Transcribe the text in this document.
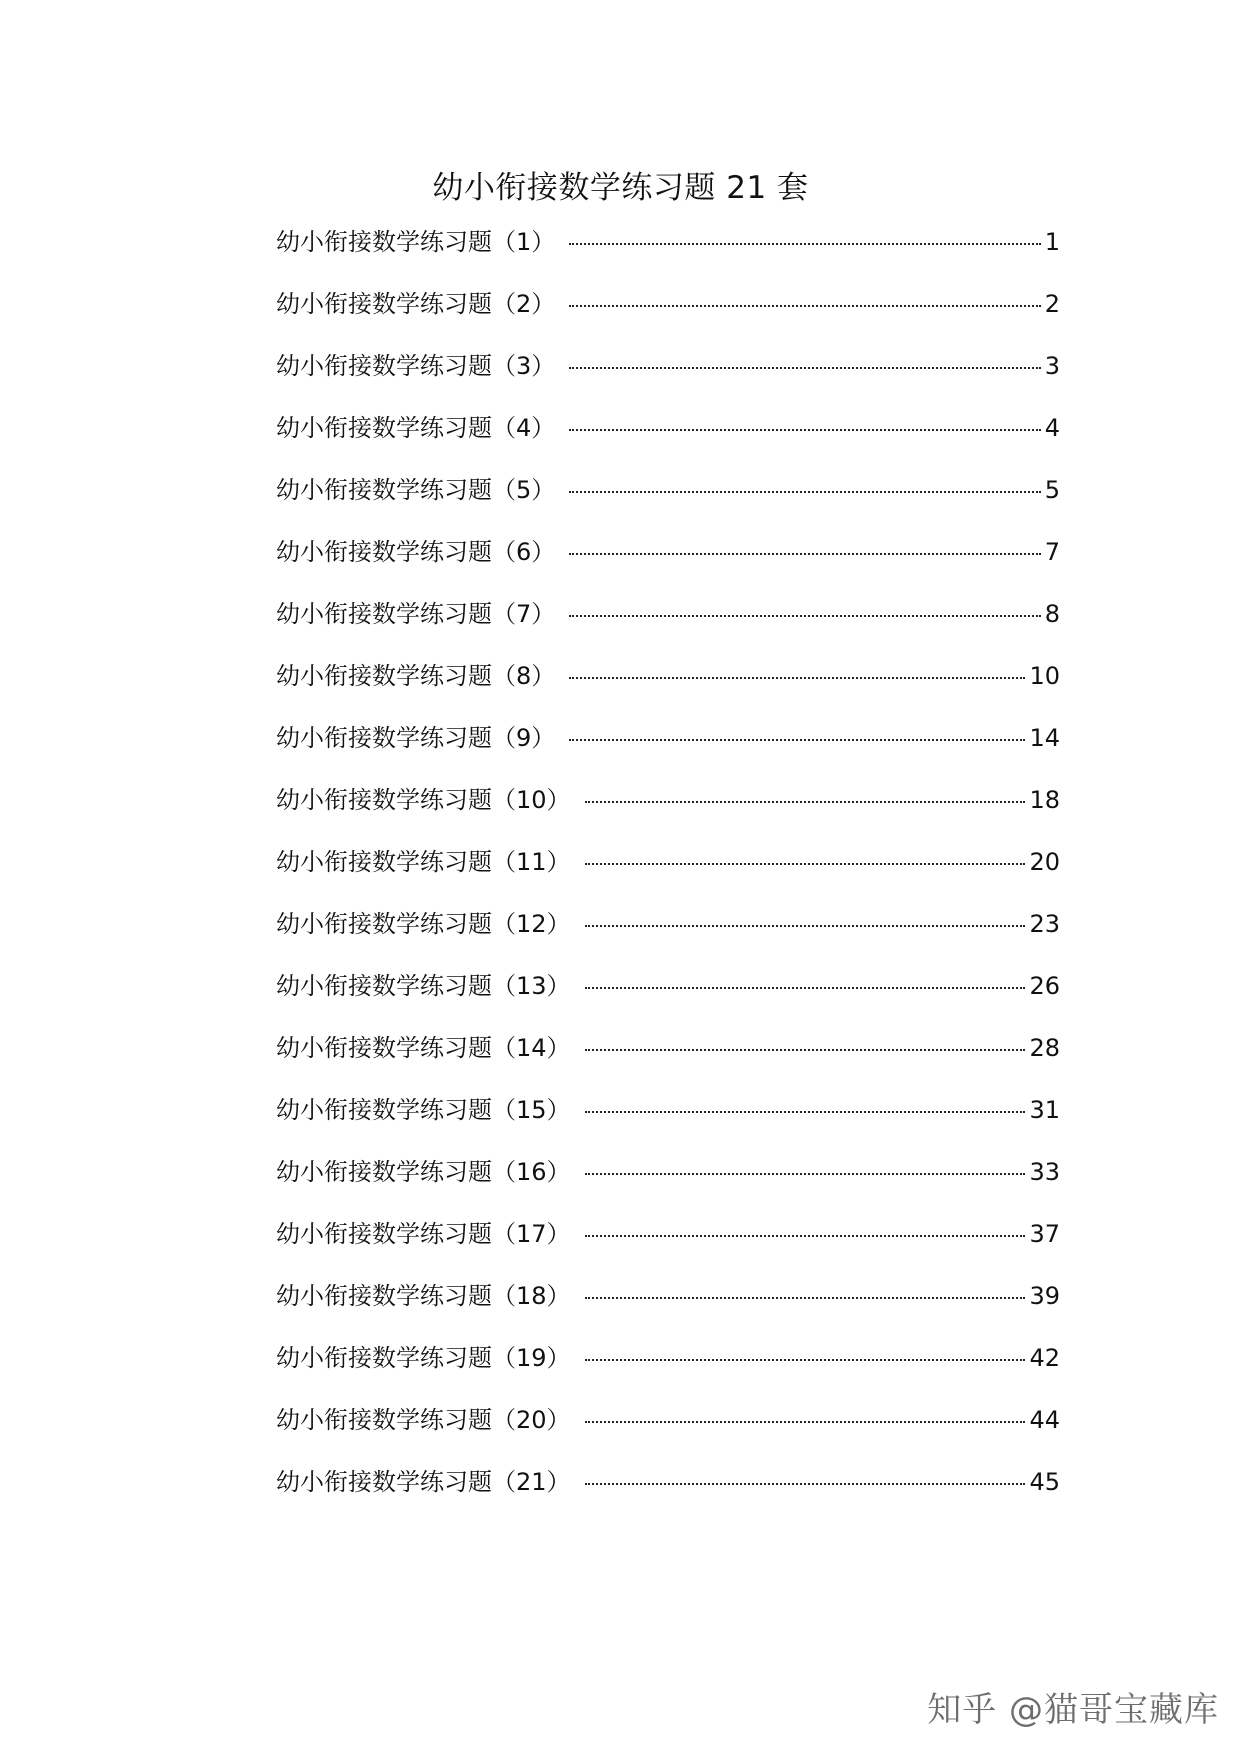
幼小衔接数学练习题 21 套
幼小衔接数学练习题（1）	1
幼小衔接数学练习题（2）	2
幼小衔接数学练习题（3）	3
幼小衔接数学练习题（4）	4
幼小衔接数学练习题（5）	5
幼小衔接数学练习题（6）	7
幼小衔接数学练习题（7）	8
幼小衔接数学练习题（8）	10
幼小衔接数学练习题（9）	14
幼小衔接数学练习题（10）	18
幼小衔接数学练习题（11）	20
幼小衔接数学练习题（12）	23
幼小衔接数学练习题（13）	26
幼小衔接数学练习题（14）	28
幼小衔接数学练习题（15）	31
幼小衔接数学练习题（16）	33
幼小衔接数学练习题（17）	37
幼小衔接数学练习题（18）	39
幼小衔接数学练习题（19）	42
幼小衔接数学练习题（20）	44
幼小衔接数学练习题（21）	45
知乎 @猫哥宝藏库
